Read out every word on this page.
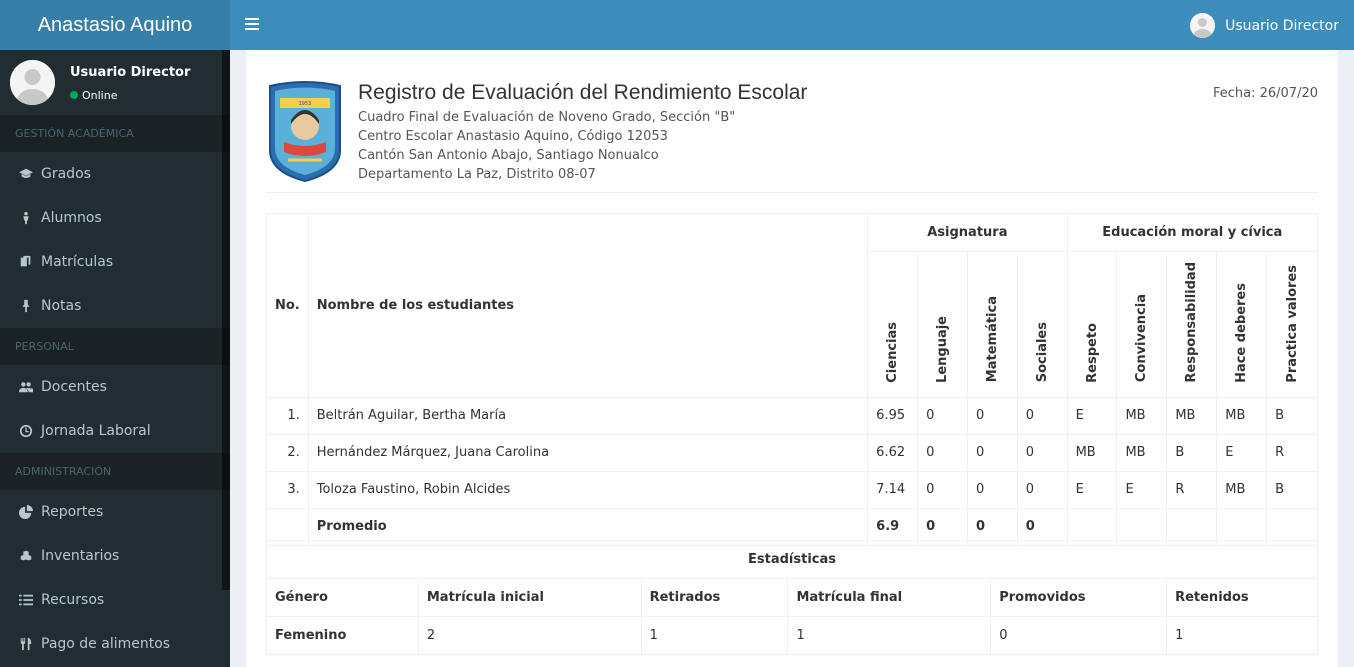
Anastasio Aquino
Usuario Director
Online
GESTIÓN ACADÉMICA
Grados
Alumnos
Matrículas
Notas
PERSONAL
Docentes
Jornada Laboral
ADMINISTRACIÓN
Reportes
Inventarios
Recursos
Pago de alimentos
Usuario Director
1953 Registro de Evaluación del Rendimiento Escolar
Cuadro Final de Evaluación de Noveno Grado, Sección "B"
Centro Escolar Anastasio Aquino, Código 12053
Cantón San Antonio Abajo, Santiago Nonualco
Departamento La Paz, Distrito 08-07
Fecha: 26/07/20
No.	Nombre de los estudiantes	Asignatura				Educación moral y cívica				
		Ciencias	Lenguaje	Matemática	Sociales	Respeto	Convivencia	Responsabilidad	Hace deberes	Practica valores
1.	Beltrán Aguilar, Bertha María	6.95	0	0	0	E	MB	MB	MB	B
2.	Hernández Márquez, Juana Carolina	6.62	0	0	0	MB	MB	B	E	R
3.	Toloza Faustino, Robin Alcides	7.14	0	0	0	E	E	R	MB	B
	Promedio	6.9	0	0	0					
Estadísticas					
Género	Matrícula inicial	Retirados	Matrícula final	Promovidos	Retenidos
Femenino	2	1	1	0	1
